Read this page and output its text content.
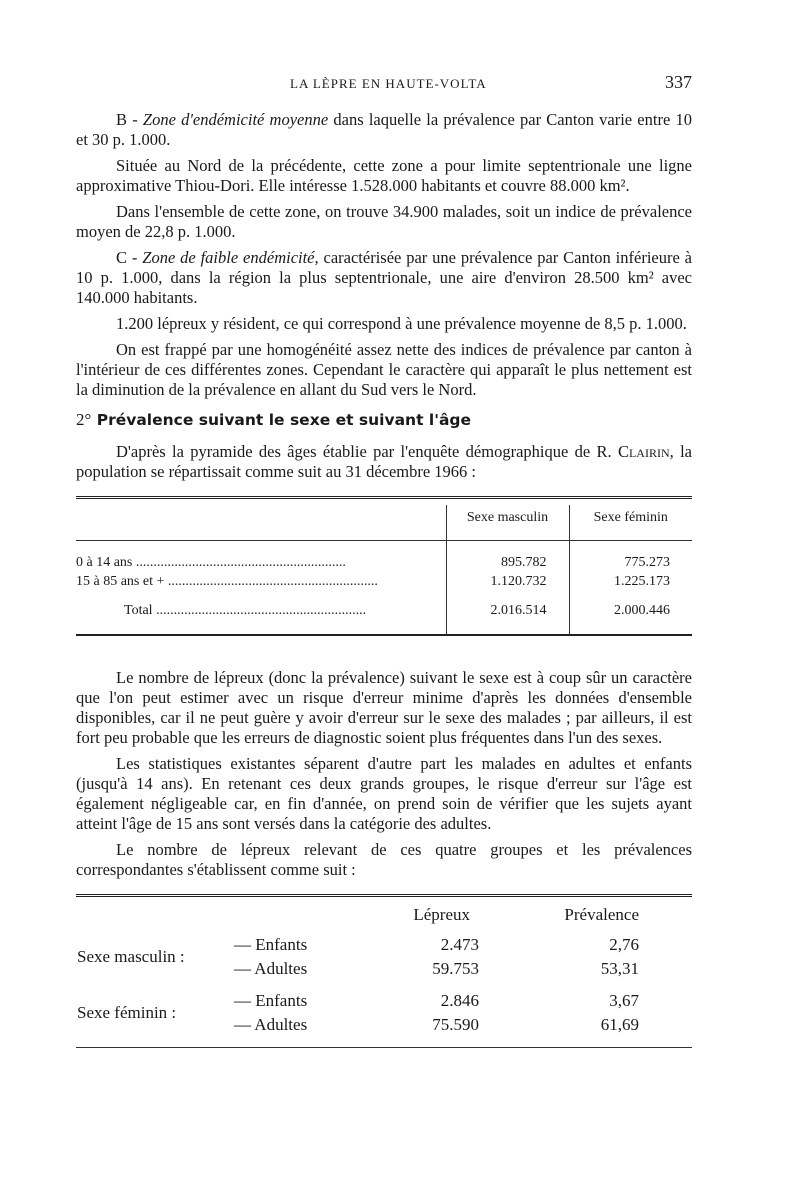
LA LÈPRE EN HAUTE-VOLTA	337

B - Zone d'endémicité moyenne dans laquelle la prévalence par Canton varie entre 10 et 30 p. 1.000.

Située au Nord de la précédente, cette zone a pour limite septentrionale une ligne approximative Thiou-Dori. Elle intéresse 1.528.000 habitants et couvre 88.000 km².

Dans l'ensemble de cette zone, on trouve 34.900 malades, soit un indice de prévalence moyen de 22,8 p. 1.000.

C - Zone de faible endémicité, caractérisée par une prévalence par Canton inférieure à 10 p. 1.000, dans la région la plus septentrionale, une aire d'environ 28.500 km² avec 140.000 habitants.

1.200 lépreux y résident, ce qui correspond à une prévalence moyenne de 8,5 p. 1.000.

On est frappé par une homogénéité assez nette des indices de prévalence par canton à l'intérieur de ces différentes zones. Cependant le caractère qui apparaît le plus nettement est la diminution de la prévalence en allant du Sud vers le Nord.

2° Prévalence suivant le sexe et suivant l'âge

D'après la pyramide des âges établie par l'enquête démographique de R. Clairin, la population se répartissait comme suit au 31 décembre 1966 :

	Sexe masculin	Sexe féminin

0 à 14 ans ............................................................	895.782	775.273
15 à 85 ans et + ............................................................	1.120.732	1.225.173

Total ............................................................	2.016.514	2.000.446

Le nombre de lépreux (donc la prévalence) suivant le sexe est à coup sûr un caractère que l'on peut estimer avec un risque d'erreur minime d'après les données d'ensemble disponibles, car il ne peut guère y avoir d'erreur sur le sexe des malades ; par ailleurs, il est fort peu probable que les erreurs de diagnostic soient plus fréquentes dans l'un des sexes.

Les statistiques existantes séparent d'autre part les malades en adultes et enfants (jusqu'à 14 ans). En retenant ces deux grands groupes, le risque d'erreur sur l'âge est également négligeable car, en fin d'année, on prend soin de vérifier que les sujets ayant atteint l'âge de 15 ans sont versés dans la catégorie des adultes.

Le nombre de lépreux relevant de ces quatre groupes et les prévalences correspondantes s'établissent comme suit :

		Lépreux	Prévalence	

Sexe masculin :	— Enfants	2.473	2,76	
	— Adultes	59.753	53,31	

Sexe féminin :	— Enfants	2.846	3,67	
	— Adultes	75.590	61,69	
